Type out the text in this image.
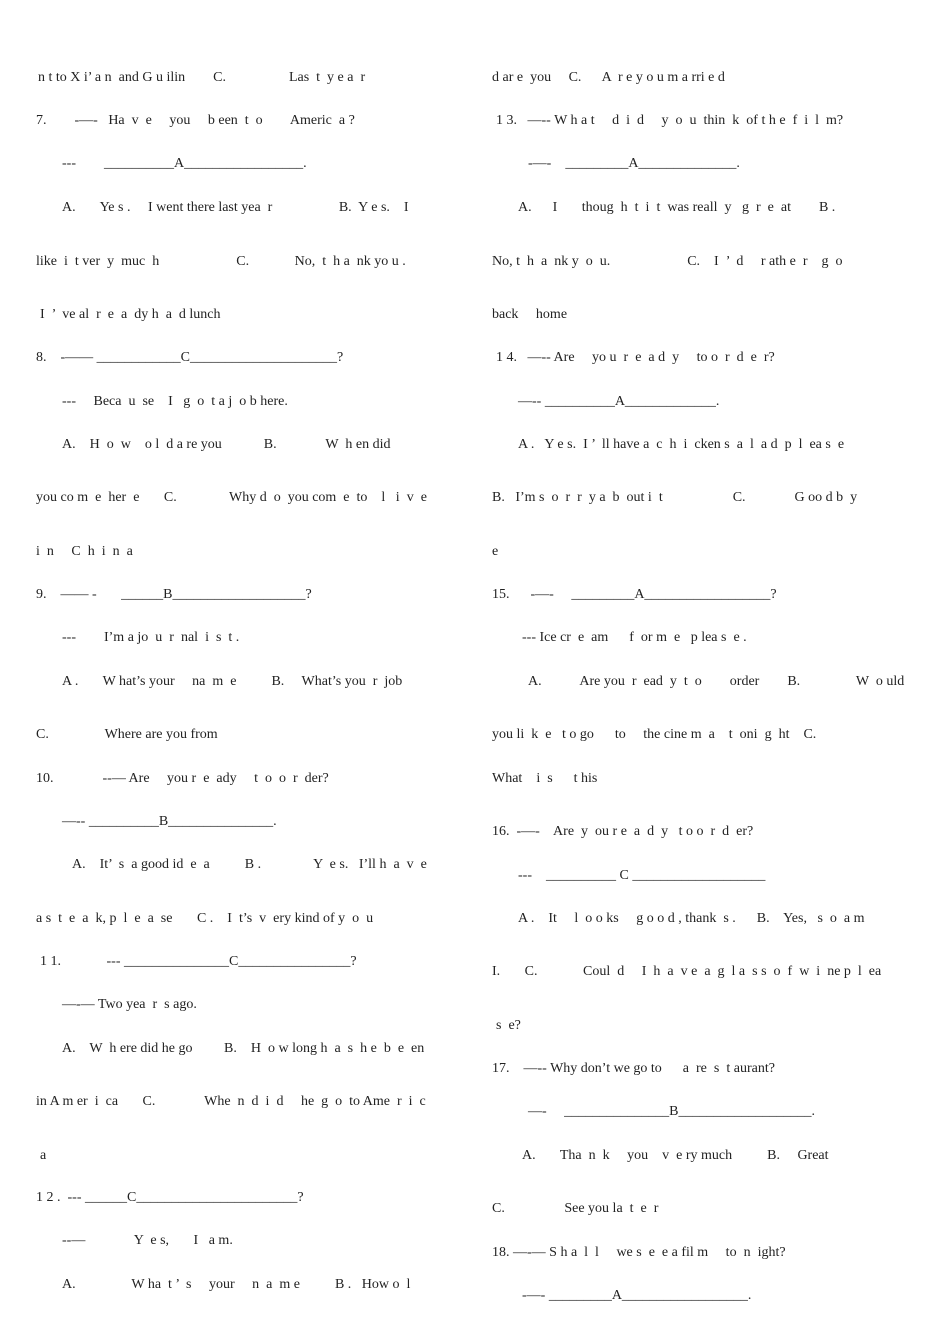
n t to X i’ a n  and G u ilin        C.                  Las  t  y e a  r
7.        -—-   Ha  v  e     you     b een  t  o        Americ  a ?
---        __________A_________________.
A.       Ye s .     I went there last yea  r                   B.  Y e s.    I
like  i  t ver  y  muc  h                      C.             No,  t  h a  nk yo u .
I  ’  ve al  r  e  a  dy h  a  d lunch
8.    -—— ____________C_____________________?
---     Beca  u  se    I   g  o  t a j  o b here.
A.    H  o  w    o l  d a re you            B.              W  h en did
you co m  e  her  e       C.               Why d  o  you com  e  to    l   i  v  e
i  n     C  h  i  n  a
9.    —— -       ______B___________________?
---        I’m a jo  u  r  nal  i  s  t .
A .       W hat’s your     na  m  e          B.     What’s you  r  job
C.                Where are you from
10.              --— Are     you r  e  ady     t  o  o  r  der?
—-- __________B_______________.
A.    It’  s  a good id  e  a          B .               Y  e s.   I’ll h  a  v  e
a s  t  e  a  k, p  l  e  a  se       C .    I  t’s  v  ery kind of y  o  u
1 1.             --- _______________C________________?
—-— Two yea  r  s ago.
A.    W  h ere did he go         B.    H  o w long h  a  s  h e  b  e  en
in A m er  i  ca       C.              Whe  n  d  i  d     he  g  o  to Ame  r  i  c
a
1 2 .  --- ______C_______________________?
--—              Y  e s,       I   a m.
A.                W ha  t ’  s     your     n  a  m e          B .   How o  l
d ar e  you     C.      A  r e y o u m a rri e d
1 3.   —-- W h a t     d  i  d     y  o  u  thin  k  of t h e  f  i  l  m?
-—-    _________A______________.
A.      I       thoug  h  t  i  t  was reall  y   g  r  e  at        B .
No, t  h  a  nk y  o  u.                      C.    I  ’  d     r ath e  r    g  o
back     home
1 4.   —-- Are     yo u  r  e  a d  y     to o  r  d  e  r?
—-- __________A_____________.
A .   Y e s.  I ’  ll have a  c  h  i  cken s  a  l  a d  p  l  ea s  e
B.   I’m s  o  r  r  y a  b  out i  t                    C.              G oo d b  y
e
15.      -—-     _________A__________________?
--- Ice cr  e  am      f  or m  e   p lea s  e .
A.           Are you  r  ead  y  t  o        order        B.                W  o uld
you li  k  e   t o go      to     the cine m  a    t  oni  g  ht    C.
What    i  s      t his
16.  -—-    Are  y  ou r e  a  d  y   t o o  r  d  er?
---    __________ C ___________________
A .    It     l  o o ks     g o o d , thank  s .      B.    Yes,   s  o  a m
I.       C.             Coul  d     I  h  a  v e  a  g  l a  s s  o  f  w  i  ne p  l  ea
s  e?
17.    —-- Why don’t we go to      a  re  s  t aurant?
—-     _______________B___________________.
A.       Tha  n  k     you    v  e ry much          B.     Great
C.                 See you la  t  e  r
18. —-— S h a  l  l     we s  e  e a fil m     to  n  ight?
-—- _________A__________________.
